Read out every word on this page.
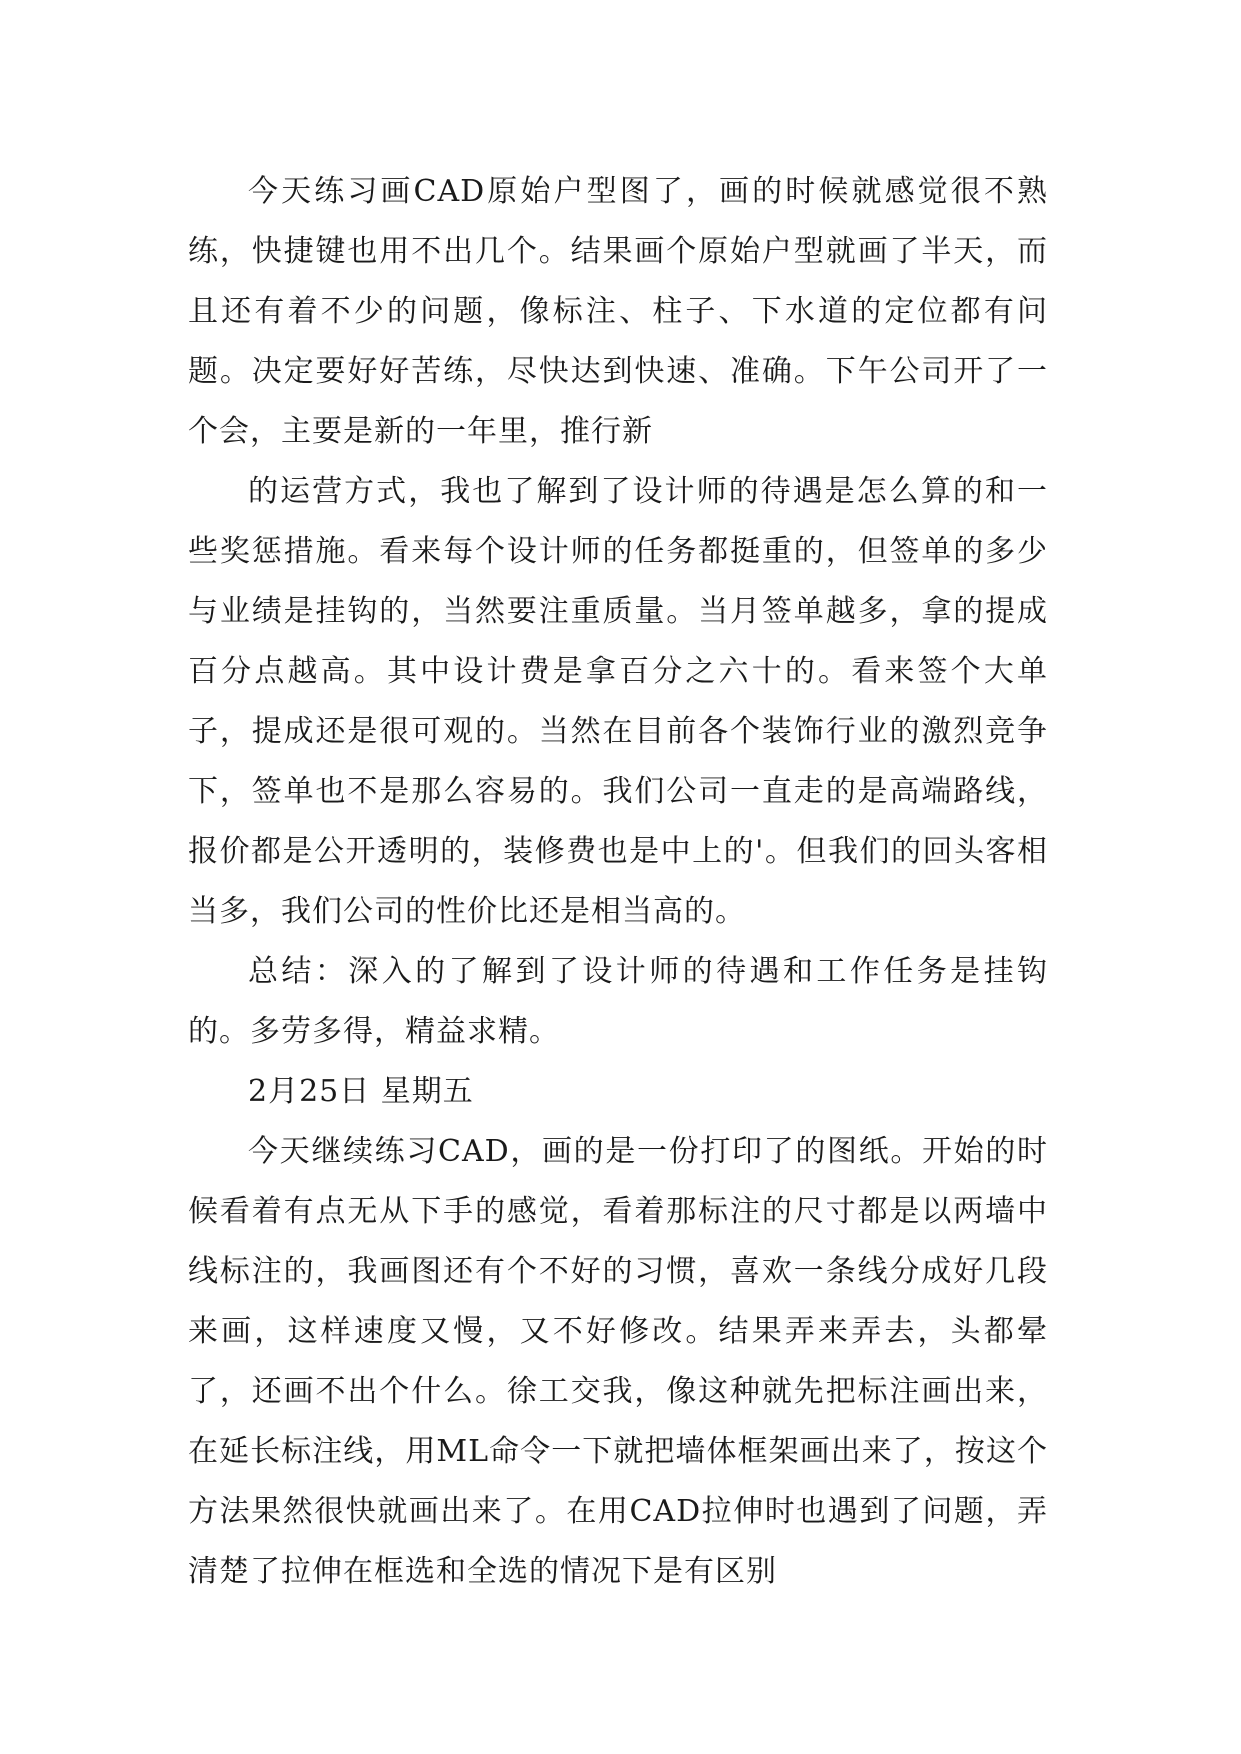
今天练习画CAD原始户型图了，画的时候就感觉很不熟练，快捷键也用不出几个。结果画个原始户型就画了半天，而且还有着不少的问题，像标注、柱子、下水道的定位都有问题。决定要好好苦练，尽快达到快速、准确。下午公司开了一个会，主要是新的一年里，推行新

的运营方式，我也了解到了设计师的待遇是怎么算的和一些奖惩措施。看来每个设计师的任务都挺重的，但签单的多少与业绩是挂钩的，当然要注重质量。当月签单越多，拿的提成百分点越高。其中设计费是拿百分之六十的。看来签个大单子，提成还是很可观的。当然在目前各个装饰行业的激烈竞争下，签单也不是那么容易的。我们公司一直走的是高端路线，报价都是公开透明的，装修费也是中上的'。但我们的回头客相当多，我们公司的性价比还是相当高的。

总结：深入的了解到了设计师的待遇和工作任务是挂钩的。多劳多得，精益求精。

2月25日 星期五

今天继续练习CAD，画的是一份打印了的图纸。开始的时候看着有点无从下手的感觉，看着那标注的尺寸都是以两墙中线标注的，我画图还有个不好的习惯，喜欢一条线分成好几段来画，这样速度又慢，又不好修改。结果弄来弄去，头都晕了，还画不出个什么。徐工交我，像这种就先把标注画出来，在延长标注线，用ML命令一下就把墙体框架画出来了，按这个方法果然很快就画出来了。在用CAD拉伸时也遇到了问题，弄清楚了拉伸在框选和全选的情况下是有区别
